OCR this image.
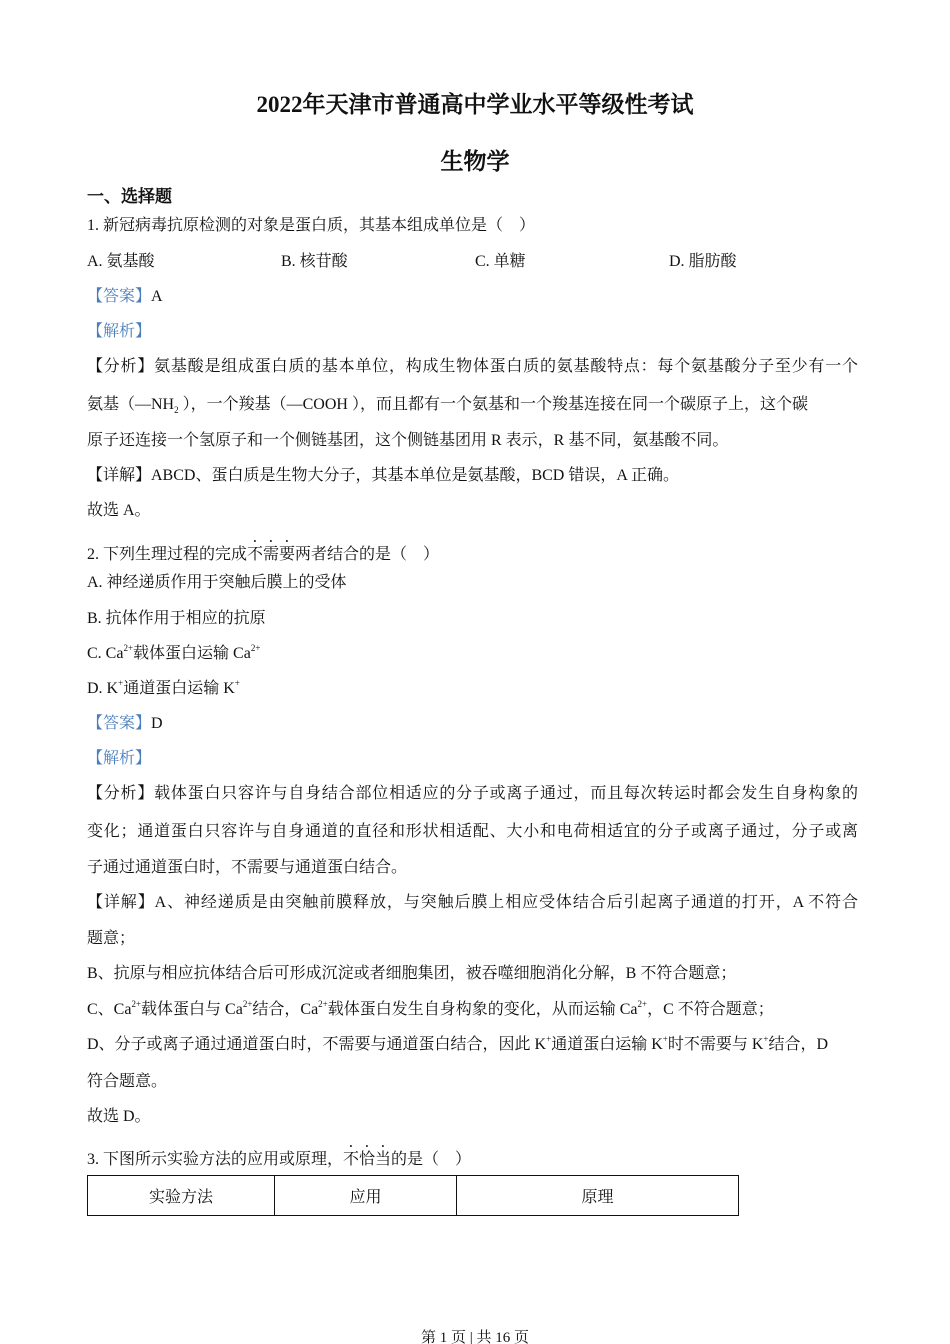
2022年天津市普通高中学业水平等级性考试
生物学
一、选择题
1. 新冠病毒抗原检测的对象是蛋白质，其基本组成单位是（　）
A. 氨基酸	B. 核苷酸	C. 单糖	D. 脂肪酸
【答案】A
【解析】
【分析】氨基酸是组成蛋白质的基本单位，构成生物体蛋白质的氨基酸特点：每个氨基酸分子至少有一个
氨基（$—NH_2$ ），一个羧基（—COOH ），而且都有一个氨基和一个羧基连接在同一个碳原子上，这个碳
原子还连接一个氢原子和一个侧链基团，这个侧链基团用 R 表示，R 基不同，氨基酸不同。
【详解】ABCD、蛋白质是生物大分子，其基本单位是氨基酸，BCD 错误，A 正确。
故选 A。
2. 下列生理过程的完成不需要两者结合的是（　）
A. 神经递质作用于突触后膜上的受体
B. 抗体作用于相应的抗原
C. $Ca^{2+}$载体蛋白运输 $Ca^{2+}$
D. K+通道蛋白运输 K+
【答案】D
【解析】
【分析】载体蛋白只容许与自身结合部位相适应的分子或离子通过，而且每次转运时都会发生自身构象的
变化；通道蛋白只容许与自身通道的直径和形状相适配、大小和电荷相适宜的分子或离子通过，分子或离
子通过通道蛋白时，不需要与通道蛋白结合。
【详解】A、神经递质是由突触前膜释放，与突触后膜上相应受体结合后引起离子通道的打开，A 不符合
题意；
B、抗原与相应抗体结合后可形成沉淀或者细胞集团，被吞噬细胞消化分解，B 不符合题意；
C、$Ca^{2+}$载体蛋白与 $Ca^{2+}$结合，$Ca^{2+}$载体蛋白发生自身构象的变化，从而运输 $Ca^{2+}$，C 不符合题意；
D、分子或离子通过通道蛋白时，不需要与通道蛋白结合，因此 K+通道蛋白运输 K+时不需要与 K+结合，D
符合题意。
故选 D。
3. 下图所示实验方法的应用或原理，不恰当的是（　）
实验方法	应用	原理
第 1 页 | 共 16 页
